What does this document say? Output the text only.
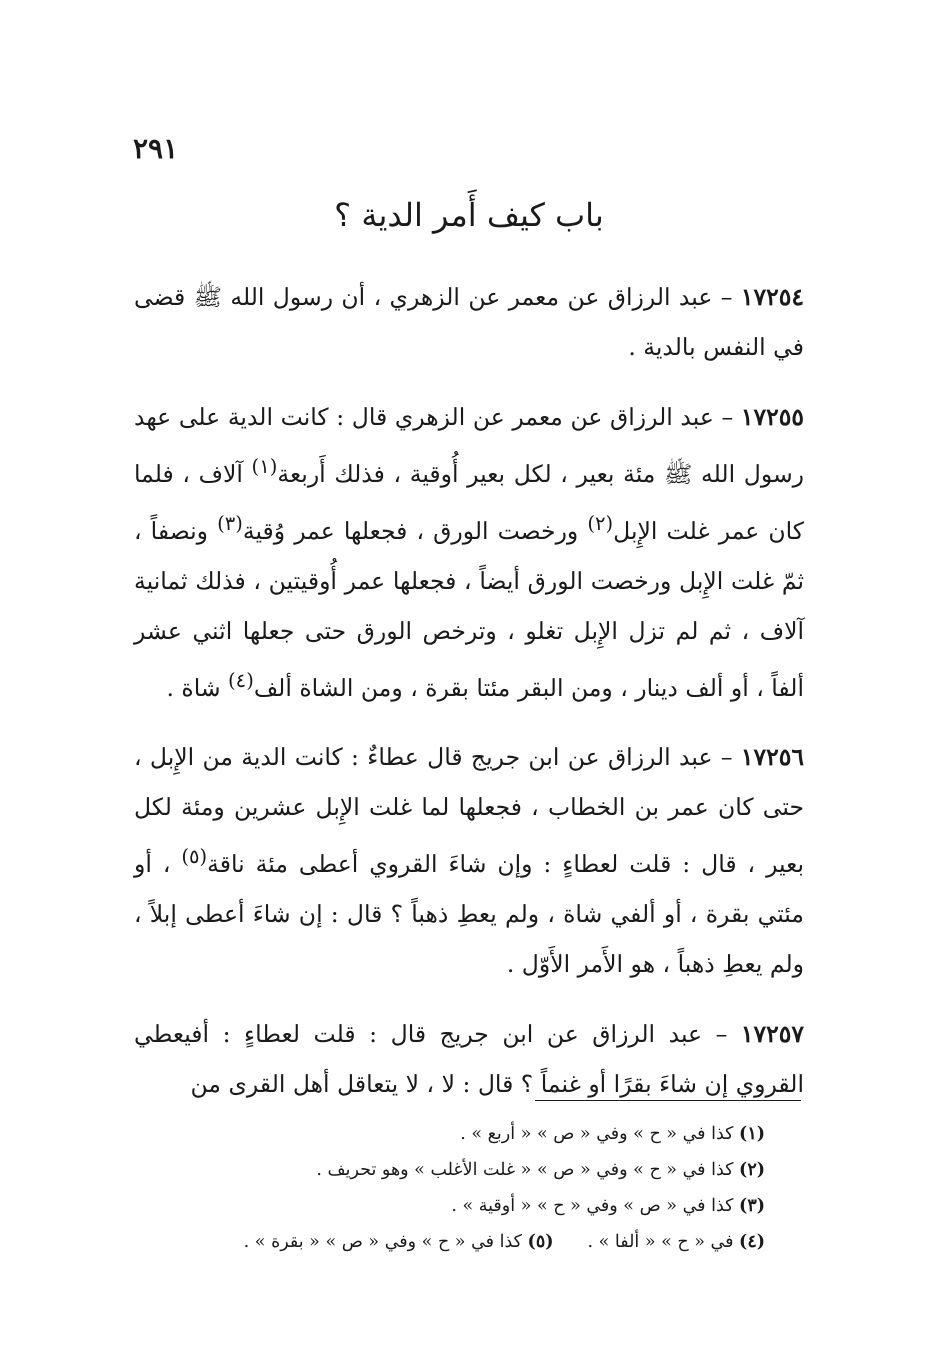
٢٩١
باب كيف أَمر الدية ؟

١٧٢٥٤ – عبد الرزاق عن معمر عن الزهري ، أن رسول الله ﷺ قضى في النفس بالدية .

١٧٢٥٥ – عبد الرزاق عن معمر عن الزهري قال : كانت الدية على عهد رسول الله ﷺ مئة بعير ، لكل بعير أُوقية ، فذلك أَربعة$^{(١)}$ آلاف ، فلما كان عمر غلت الإِبل$^{(٢)}$ ورخصت الورق ، فجعلها عمر وُقية$^{(٣)}$ ونصفاً ، ثمّ غلت الإِبل ورخصت الورق أيضاً ، فجعلها عمر أُوقيتين ، فذلك ثمانية آلاف ، ثم لم تزل الإِبل تغلو ، وترخص الورق حتى جعلها اثني عشر ألفاً ، أو ألف دينار ، ومن البقر مئتا بقرة ، ومن الشاة ألف$^{(٤)}$ شاة .

١٧٢٥٦ – عبد الرزاق عن ابن جريج قال عطاءٌ : كانت الدية من الإِبل ، حتى كان عمر بن الخطاب ، فجعلها لما غلت الإِبل عشرين ومئة لكل بعير ، قال : قلت لعطاءٍ : وإن شاءَ القروي أعطى مئة ناقة$^{(٥)}$ ، أو مئتي بقرة ، أو ألفي شاة ، ولم يعطِ ذهباً ؟ قال : إن شاءَ أعطى إبلاً ، ولم يعطِ ذهباً ، هو الأَمر الأَوّل .

١٧٢٥٧ – عبد الرزاق عن ابن جريج قال : قلت لعطاءٍ : أفيعطي القروي إن شاءَ بقرًا أو غنماً ؟ قال : لا ، لا يتعاقل أهل القرى من

(١) كذا في « ح » وفي « ص » « أربع » .

(٢) كذا في « ح » وفي « ص » « غلت الأغلب » وهو تحريف .

(٣) كذا في « ص » وفي « ح » « أوقية » .

(٤) في « ح » « ألفا » .(٥) كذا في « ح » وفي « ص » « بقرة » .
